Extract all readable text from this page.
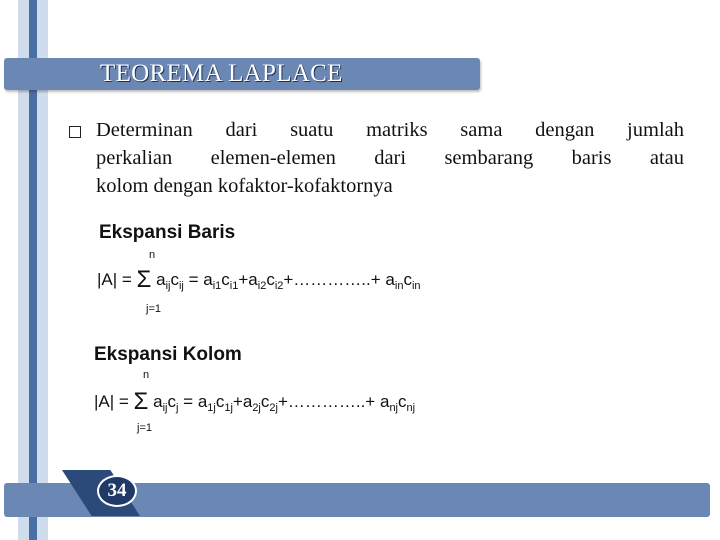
TEOREMA LAPLACE
Determinan dari suatu matriks sama dengan jumlah
perkalian elemen-elemen dari sembarang baris atau
kolom dengan kofaktor-kofaktornya
Ekspansi Baris
n
|A| = Σ $a_{ij}c_{ij}$ = $a_{i1}c_{i1}+a_{i2}c_{i2}+\dots\dots\dots\dots..+ a_{in}c_{in}$
j=1
Ekspansi Kolom
n
|A| = Σ $a_{ij}c_j$ = $a_{1j}c_{1j}+a_{2j}c_{2j}+\dots\dots\dots\dots..+ a_{nj}c_{nj}$
j=1
34
